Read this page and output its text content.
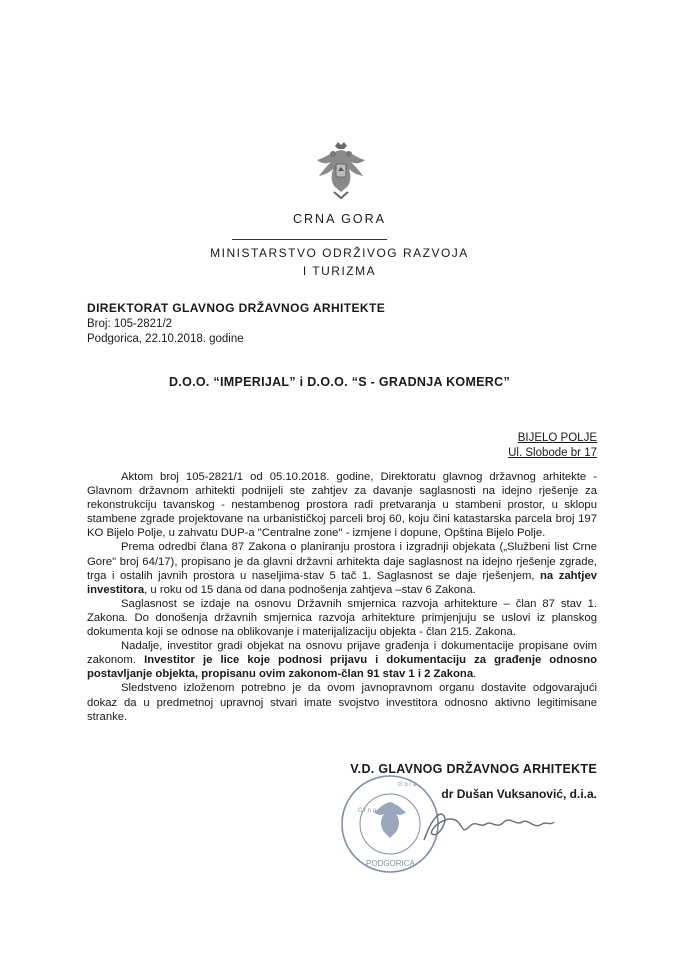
CRNA GORA
MINISTARSTVO ODRŽIVOG RAZVOJA
I TURIZMA
DIREKTORAT GLAVNOG DRŽAVNOG ARHITEKTE
Broj: 105-2821/2
Podgorica, 22.10.2018. godine
D.O.O. “IMPERIJAL” i D.O.O. “S - GRADNJA KOMERC”
BIJELO POLJE
Ul. Slobode br 17

Aktom broj 105-2821/1 od 05.10.2018. godine, Direktoratu glavnog državnog arhitekte - Glavnom državnom arhitekti podnijeli ste zahtjev za davanje saglasnosti na idejno rješenje za rekonstrukciju tavanskog - nestambenog prostora radi pretvaranja u stambeni prostor, u sklopu stambene zgrade projektovane na urbanističkoj parceli broj 60, koju čini katastarska parcela broj 197 KO Bijelo Polje, u zahvatu DUP-a "Centralne zone" - izmjene i dopune, Opština Bijelo Polje.

Prema odredbi člana 87 Zakona o planiranju prostora i izgradnji objekata („Službeni list Crne Gore" broj 64/17), propisano je da glavni državni arhitekta daje saglasnost na idejno rješenje zgrade, trga i ostalih javnih prostora u naseljima-stav 5 tač 1. Saglasnost se daje rješenjem, na zahtjev investitora, u roku od 15 dana od dana podnošenja zahtjeva –stav 6 Zakona.

Saglasnost se izdaje na osnovu Državnih smjernica razvoja arhitekture – član 87 stav 1. Zakona. Do donošenja državnih smjernica razvoja arhitekture primjenjuju se uslovi iz planskog dokumenta koji se odnose na oblikovanje i materijalizaciju objekta - član 215. Zakona.

Nadalje, investitor gradi objekat na osnovu prijave građenja i dokumentacije propisane ovim zakonom. Investitor je lice koje podnosi prijavu i dokumentaciju za građenje odnosno postavljanje objekta, propisanu ovim zakonom-član 91 stav 1 i 2 Zakona.

Sledstveno izloženom potrebno je da ovom javnopravnom organu dostavite odgovarajući dokaz da u predmetnoj upravnoj stvari imate svojstvo investitora odnosno aktivno legitimisane stranke.

C r n a
G o r a
PODGORICA
V.D. GLAVNOG DRŽAVNOG ARHITEKTE
dr Dušan Vuksanović, d.i.a.
